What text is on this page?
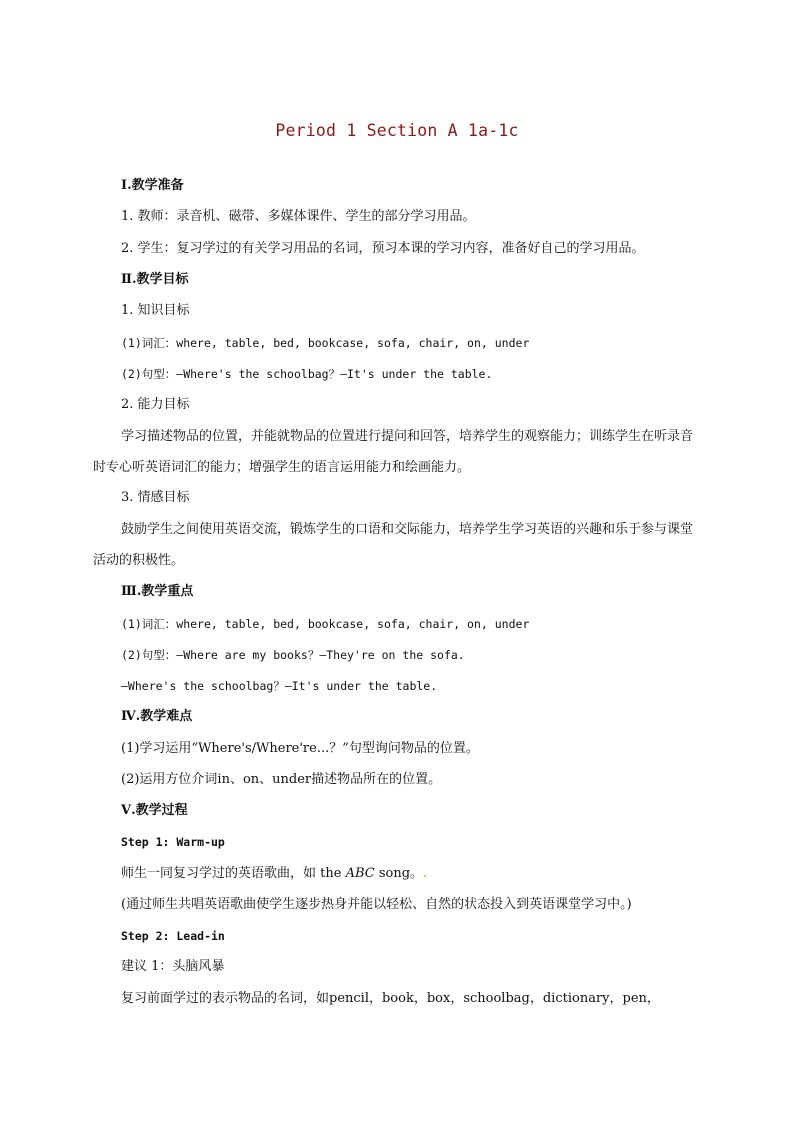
Period 1 Section A 1a-1c
Ⅰ.教学准备
1. 教师：录音机、磁带、多媒体课件、学生的部分学习用品。
2. 学生：复习学过的有关学习用品的名词，预习本课的学习内容，准备好自己的学习用品。
Ⅱ.教学目标
1. 知识目标
(1)词汇：where, table, bed, bookcase, sofa, chair, on, under
(2)句型：—Where's the schoolbag？—It's under the table.
2. 能力目标
学习描述物品的位置，并能就物品的位置进行提问和回答，培养学生的观察能力；训练学生在听录音时专心听英语词汇的能力；增强学生的语言运用能力和绘画能力。
3. 情感目标
鼓励学生之间使用英语交流，锻炼学生的口语和交际能力，培养学生学习英语的兴趣和乐于参与课堂活动的积极性。
Ⅲ.教学重点
(1)词汇：where, table, bed, bookcase, sofa, chair, on, under
(2)句型：—Where are my books？—They're on the sofa.
—Where's the schoolbag？—It's under the table.
Ⅳ.教学难点
(1)学习运用“Where's/Where're...？”句型询问物品的位置。
(2)运用方位介词in、on、under描述物品所在的位置。
Ⅴ.教学过程
Step 1: Warm-up
师生一同复习学过的英语歌曲，如 the ABC song。.
(通过师生共唱英语歌曲使学生逐步热身并能以轻松、自然的状态投入到英语课堂学习中。)
Step 2: Lead-in
建议 1：头脑风暴
复习前面学过的表示物品的名词，如pencil，book，box，schoolbag，dictionary，pen，
